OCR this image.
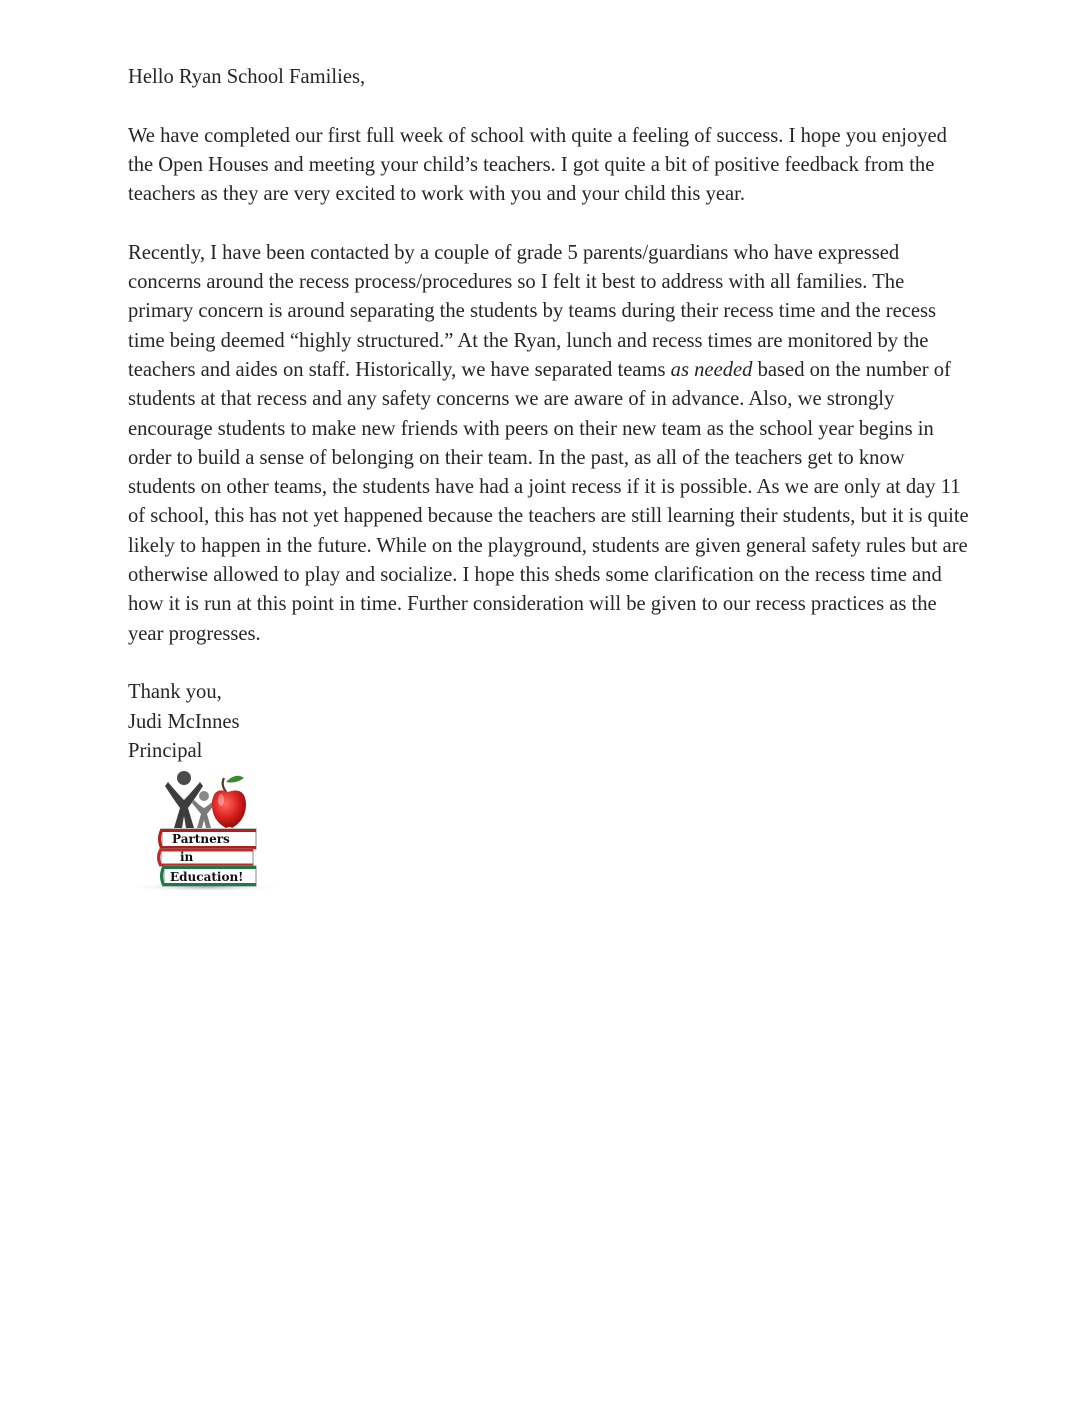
Hello Ryan School Families,

We have completed our first full week of school with quite a feeling of success. I hope you enjoyed the Open Houses and meeting your child’s teachers. I got quite a bit of positive feedback from the teachers as they are very excited to work with you and your child this year.

Recently, I have been contacted by a couple of grade 5 parents/guardians who have expressed concerns around the recess process/procedures so I felt it best to address with all families. The primary concern is around separating the students by teams during their recess time and the recess time being deemed “highly structured.” At the Ryan, lunch and recess times are monitored by the teachers and aides on staff. Historically, we have separated teams as needed based on the number of students at that recess and any safety concerns we are aware of in advance. Also, we strongly encourage students to make new friends with peers on their new team as the school year begins in order to build a sense of belonging on their team. In the past, as all of the teachers get to know students on other teams, the students have had a joint recess if it is possible. As we are only at day 11 of school, this has not yet happened because the teachers are still learning their students, but it is quite likely to happen in the future. While on the playground, students are given general safety rules but are otherwise allowed to play and socialize. I hope this sheds some clarification on the recess time and how it is run at this point in time. Further consideration will be given to our recess practices as the year progresses.

Thank you,

Judi McInnes

Principal

Partners
in
Education!
